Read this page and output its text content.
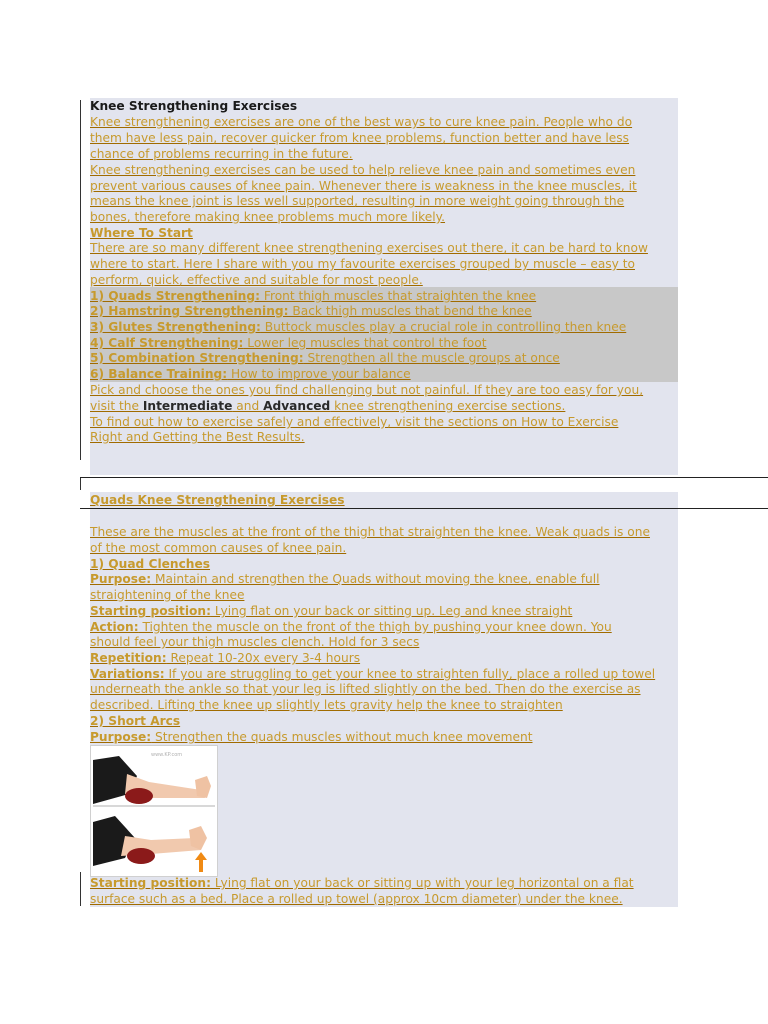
Knee Strengthening Exercises
Knee strengthening exercises are one of the best ways to cure knee pain. People who do
them have less pain, recover quicker from knee problems, function better and have less
chance of problems recurring in the future.
Knee strengthening exercises can be used to help relieve knee pain and sometimes even
prevent various causes of knee pain. Whenever there is weakness in the knee muscles, it
means the knee joint is less well supported, resulting in more weight going through the
bones, therefore making knee problems much more likely.
Where To Start
There are so many different knee strengthening exercises out there, it can be hard to know
where to start. Here I share with you my favourite exercises grouped by muscle – easy to
perform, quick, effective and suitable for most people.
1) Quads Strengthening: Front thigh muscles that straighten the knee
2) Hamstring Strengthening: Back thigh muscles that bend the knee
3) Glutes Strengthening: Buttock muscles play a crucial role in controlling then knee
4) Calf Strengthening: Lower leg muscles that control the foot
5) Combination Strengthening: Strengthen all the muscle groups at once
6) Balance Training: How to improve your balance
Pick and choose the ones you find challenging but not painful. If they are too easy for you,
visit the Intermediate and Advanced knee strengthening exercise sections.
To find out how to exercise safely and effectively, visit the sections on How to Exercise
Right and Getting the Best Results.
Quads Knee Strengthening Exercises
These are the muscles at the front of the thigh that straighten the knee. Weak quads is one
of the most common causes of knee pain.
1) Quad Clenches
Purpose: Maintain and strengthen the Quads without moving the knee, enable full
straightening of the knee
Starting position: Lying flat on your back or sitting up. Leg and knee straight
Action: Tighten the muscle on the front of the thigh by pushing your knee down. You
should feel your thigh muscles clench. Hold for 3 secs
Repetition: Repeat 10-20x every 3-4 hours
Variations: If you are struggling to get your knee to straighten fully, place a rolled up towel
underneath the ankle so that your leg is lifted slightly on the bed. Then do the exercise as
described. Lifting the knee up slightly lets gravity help the knee to straighten
2) Short Arcs
Purpose: Strengthen the quads muscles without much knee movement
www.KP.com
Starting position: Lying flat on your back or sitting up with your leg horizontal on a flat
surface such as a bed. Place a rolled up towel (approx 10cm diameter) under the knee.
